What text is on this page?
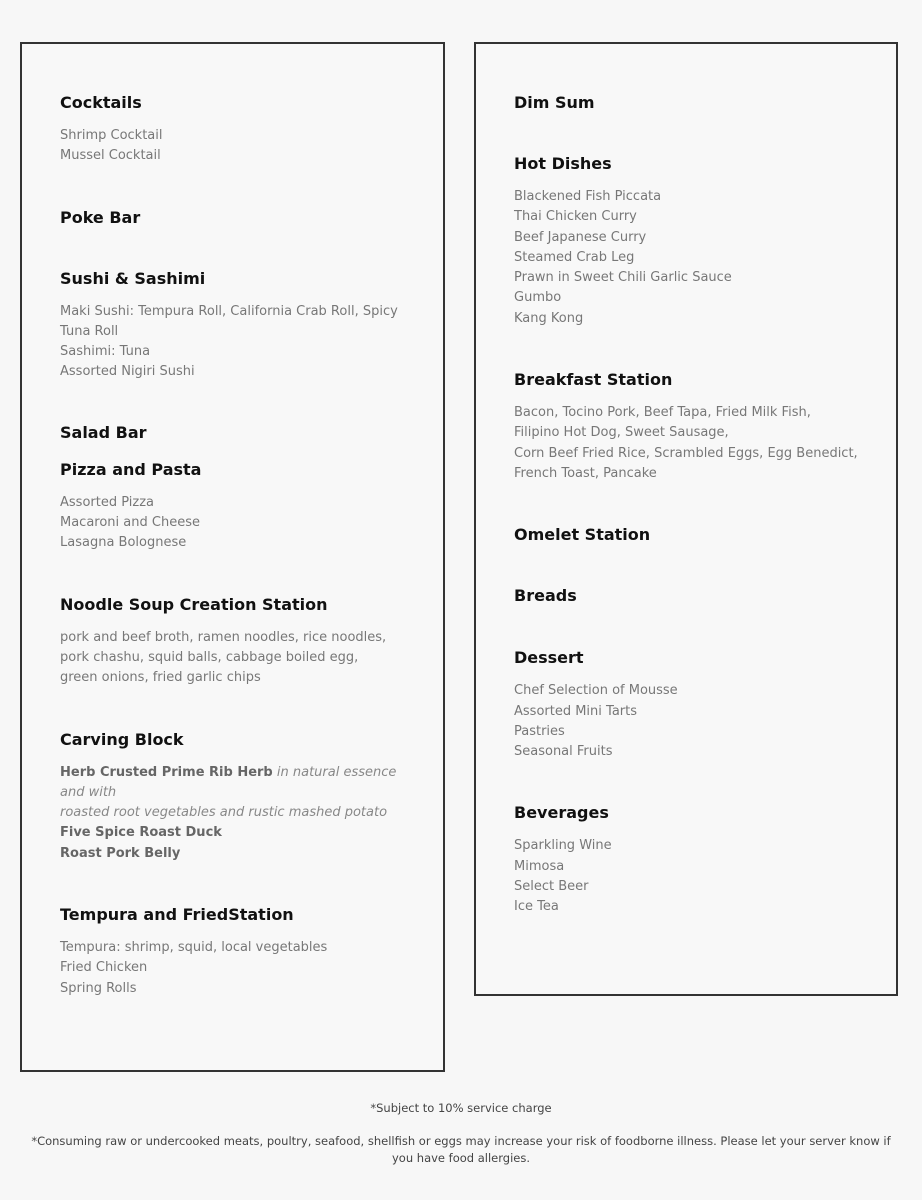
Cocktails
Shrimp Cocktail
Mussel Cocktail
Poke Bar
Sushi & Sashimi
Maki Sushi: Tempura Roll, California Crab Roll, Spicy Tuna Roll
Sashimi: Tuna
Assorted Nigiri Sushi
Salad Bar
Pizza and Pasta
Assorted Pizza
Macaroni and Cheese
Lasagna Bolognese
Noodle Soup Creation Station
pork and beef broth, ramen noodles, rice noodles,
pork chashu, squid balls, cabbage boiled egg,
green onions, fried garlic chips
Carving Block
Herb Crusted Prime Rib Herb in natural essence and with
roasted root vegetables and rustic mashed potato
Five Spice Roast Duck
Roast Pork Belly
Tempura and FriedStation
Tempura: shrimp, squid, local vegetables
Fried Chicken
Spring Rolls
Dim Sum
Hot Dishes
Blackened Fish Piccata
Thai Chicken Curry
Beef Japanese Curry
Steamed Crab Leg
Prawn in Sweet Chili Garlic Sauce
Gumbo
Kang Kong
Breakfast Station
Bacon, Tocino Pork, Beef Tapa, Fried Milk Fish, Filipino Hot Dog, Sweet Sausage,
Corn Beef Fried Rice, Scrambled Eggs, Egg Benedict, French Toast, Pancake
Omelet Station
Breads
Dessert
Chef Selection of Mousse
Assorted Mini Tarts
Pastries
Seasonal Fruits
Beverages
Sparkling Wine
Mimosa
Select Beer
Ice Tea
*Subject to 10% service charge
*Consuming raw or undercooked meats, poultry, seafood, shellfish or eggs may increase your risk of foodborne illness. Please let your server know if you have food allergies.
